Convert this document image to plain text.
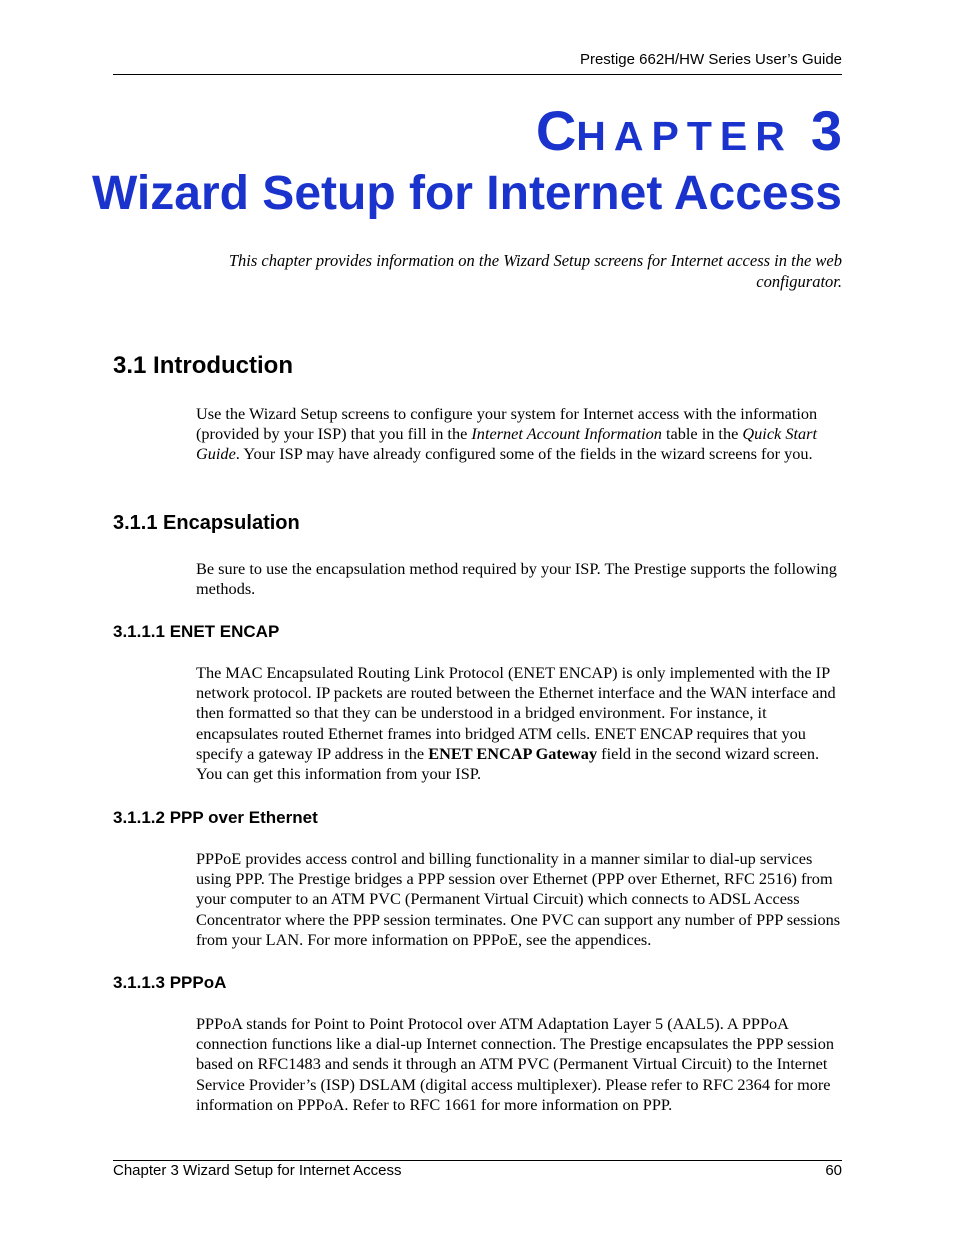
Prestige 662H/HW Series User’s Guide
CHAPTER 3
Wizard Setup for Internet Access
This chapter provides information on the Wizard Setup screens for Internet access in the web configurator.
3.1 Introduction
Use the Wizard Setup screens to configure your system for Internet access with the information (provided by your ISP) that you fill in the Internet Account Information table in the Quick Start Guide. Your ISP may have already configured some of the fields in the wizard screens for you.
3.1.1 Encapsulation
Be sure to use the encapsulation method required by your ISP. The Prestige supports the following methods.
3.1.1.1 ENET ENCAP
The MAC Encapsulated Routing Link Protocol (ENET ENCAP) is only implemented with the IP network protocol. IP packets are routed between the Ethernet interface and the WAN interface and then formatted so that they can be understood in a bridged environment. For instance, it encapsulates routed Ethernet frames into bridged ATM cells. ENET ENCAP requires that you specify a gateway IP address in the ENET ENCAP Gateway field in the second wizard screen. You can get this information from your ISP.
3.1.1.2 PPP over Ethernet
PPPoE provides access control and billing functionality in a manner similar to dial-up services using PPP. The Prestige bridges a PPP session over Ethernet (PPP over Ethernet, RFC 2516) from your computer to an ATM PVC (Permanent Virtual Circuit) which connects to ADSL Access Concentrator where the PPP session terminates. One PVC can support any number of PPP sessions from your LAN. For more information on PPPoE, see the appendices.
3.1.1.3 PPPoA
PPPoA stands for Point to Point Protocol over ATM Adaptation Layer 5 (AAL5). A PPPoA connection functions like a dial-up Internet connection. The Prestige encapsulates the PPP session based on RFC1483 and sends it through an ATM PVC (Permanent Virtual Circuit) to the Internet Service Provider’s (ISP) DSLAM (digital access multiplexer). Please refer to RFC 2364 for more information on PPPoA. Refer to RFC 1661 for more information on PPP.
Chapter 3 Wizard Setup for Internet Access	60
